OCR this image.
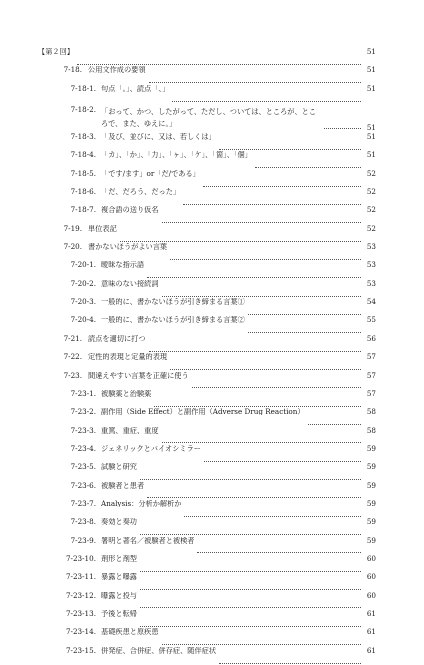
【第２回】	51
7-18. 公用文作成の要領	51
7-18-1. 句点「。」、読点「、」	51
7-18-2. 「おって、かつ、したがって、ただし、ついては、ところが、ところで、また、ゆえに。」	51
7-18-3. 「及び、並びに、又は、若しくは」	51
7-18-4. 「カ」、「か」、「力」、「ヶ」、「ケ」、「箇」、「個」	51
7-18-5. 「です/ます」or「だ/である」	52
7-18-6. 「だ、だろう、だった」	52
7-18-7. 複合語の送り仮名	52
7-19. 単位表記	52
7-20. 書かないほうがよい言葉	53
7-20-1. 曖昧な指示語	53
7-20-2. 意味のない接続詞	53
7-20-3. 一般的に、書かないほうが引き締まる言葉①	54
7-20-4. 一般的に、書かないほうが引き締まる言葉②	55
7-21. 読点を適切に打つ	56
7-22. 定性的表現と定量的表現	57
7-23. 間違えやすい言葉を正確に使う	57
7-23-1. 被験薬と治験薬	57
7-23-2. 副作用（Side Effect）と副作用（Adverse Drug Reaction）	58
7-23-3. 重篤、重症、重度	58
7-23-4. ジェネリックとバイオシミラー	59
7-23-5. 試験と研究	59
7-23-6. 被験者と患者	59
7-23-7. Analysis：分析か解析か	59
7-23-8. 奏効と奏功	59
7-23-9. 署明と著名／被験者と被検者	59
7-23-10. 剤形と剤型	60
7-23-11. 暴露と曝露	60
7-23-12. 曝露と投与	60
7-23-13. 予後と転帰	61
7-23-14. 基礎疾患と原疾患	61
7-23-15. 併発症、合併症、併存症、随伴症状	61
